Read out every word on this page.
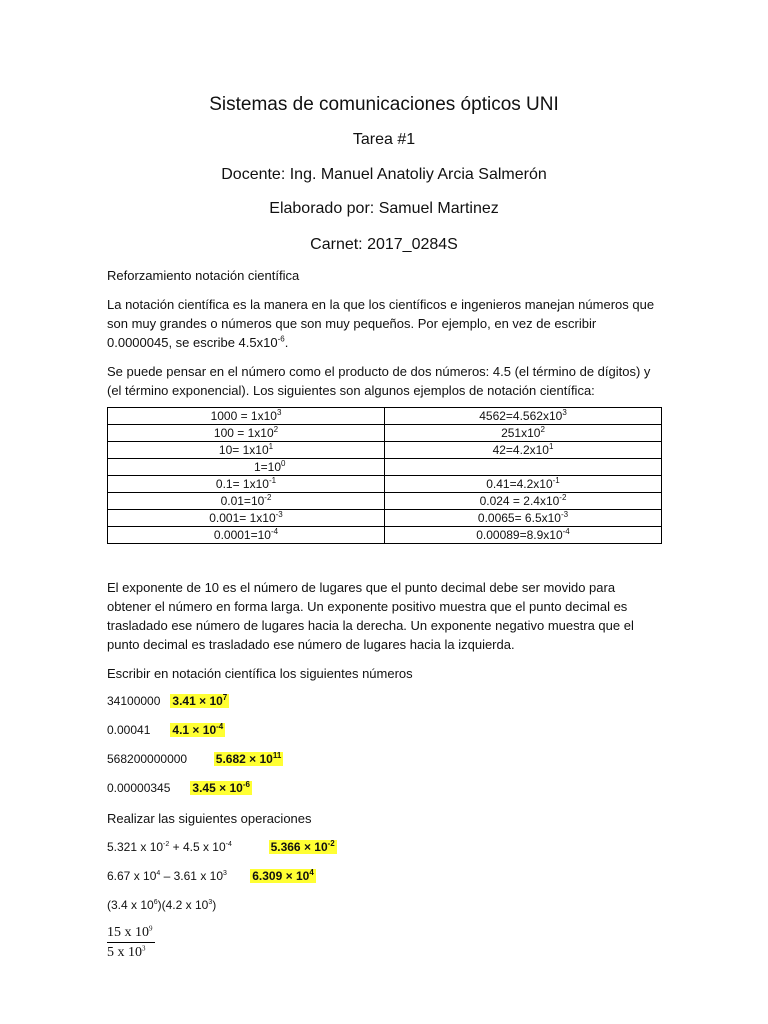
Sistemas de comunicaciones ópticos UNI
Tarea #1
Docente: Ing. Manuel Anatoliy Arcia Salmerón
Elaborado por: Samuel Martinez
Carnet: 2017_0284S
Reforzamiento notación científica
La notación científica es la manera en la que los científicos e ingenieros manejan números que son muy grandes o números que son muy pequeños. Por ejemplo, en vez de escribir 0.0000045, se escribe $4.5x10^{-6}$.
Se puede pensar en el número como el producto de dos números: 4.5 (el término de dígitos) y (el término exponencial). Los siguientes son algunos ejemplos de notación científica:
$1000 = 1x10^3$	$4562=4.562x10^3$
$100 = 1x10^2$	$251x10^2$
$10= 1x10^1$	$42=4.2x10^1$
$1=10^0$	
$0.1= 1x10^{-1}$	$0.41=4.2x10^{-1}$
$0.01=10^{-2}$	$0.024 = 2.4x10^{-2}$
$0.001= 1x10^{-3}$	$0.0065= 6.5x10^{-3}$
$0.0001=10^{-4}$	$0.00089=8.9x10^{-4}$
El exponente de 10 es el número de lugares que el punto decimal debe ser movido para obtener el número en forma larga. Un exponente positivo muestra que el punto decimal es trasladado ese número de lugares hacia la derecha. Un exponente negativo muestra que el punto decimal es trasladado ese número de lugares hacia la izquierda.
Escribir en notación científica los siguientes números
34100000 $3.41 \times 10^7$
0.00041 $4.1 \times 10^{-4}$
568200000000 $5.682 \times 10^{11}$
0.00000345 $3.45 \times 10^{-6}$
Realizar las siguientes operaciones
5.321 x $10^{-2} + 4.5$ x $10^{-4}$	$5.366 \times 10^{-2}$
6.67 x $10^4 - 3.61$ x $10^3$ $6.309 \times 10^4$
(3.4 x $10^6)(4.2$ x $10^3$)
$\frac{15 x 10^9}{5 x 10^3}$
